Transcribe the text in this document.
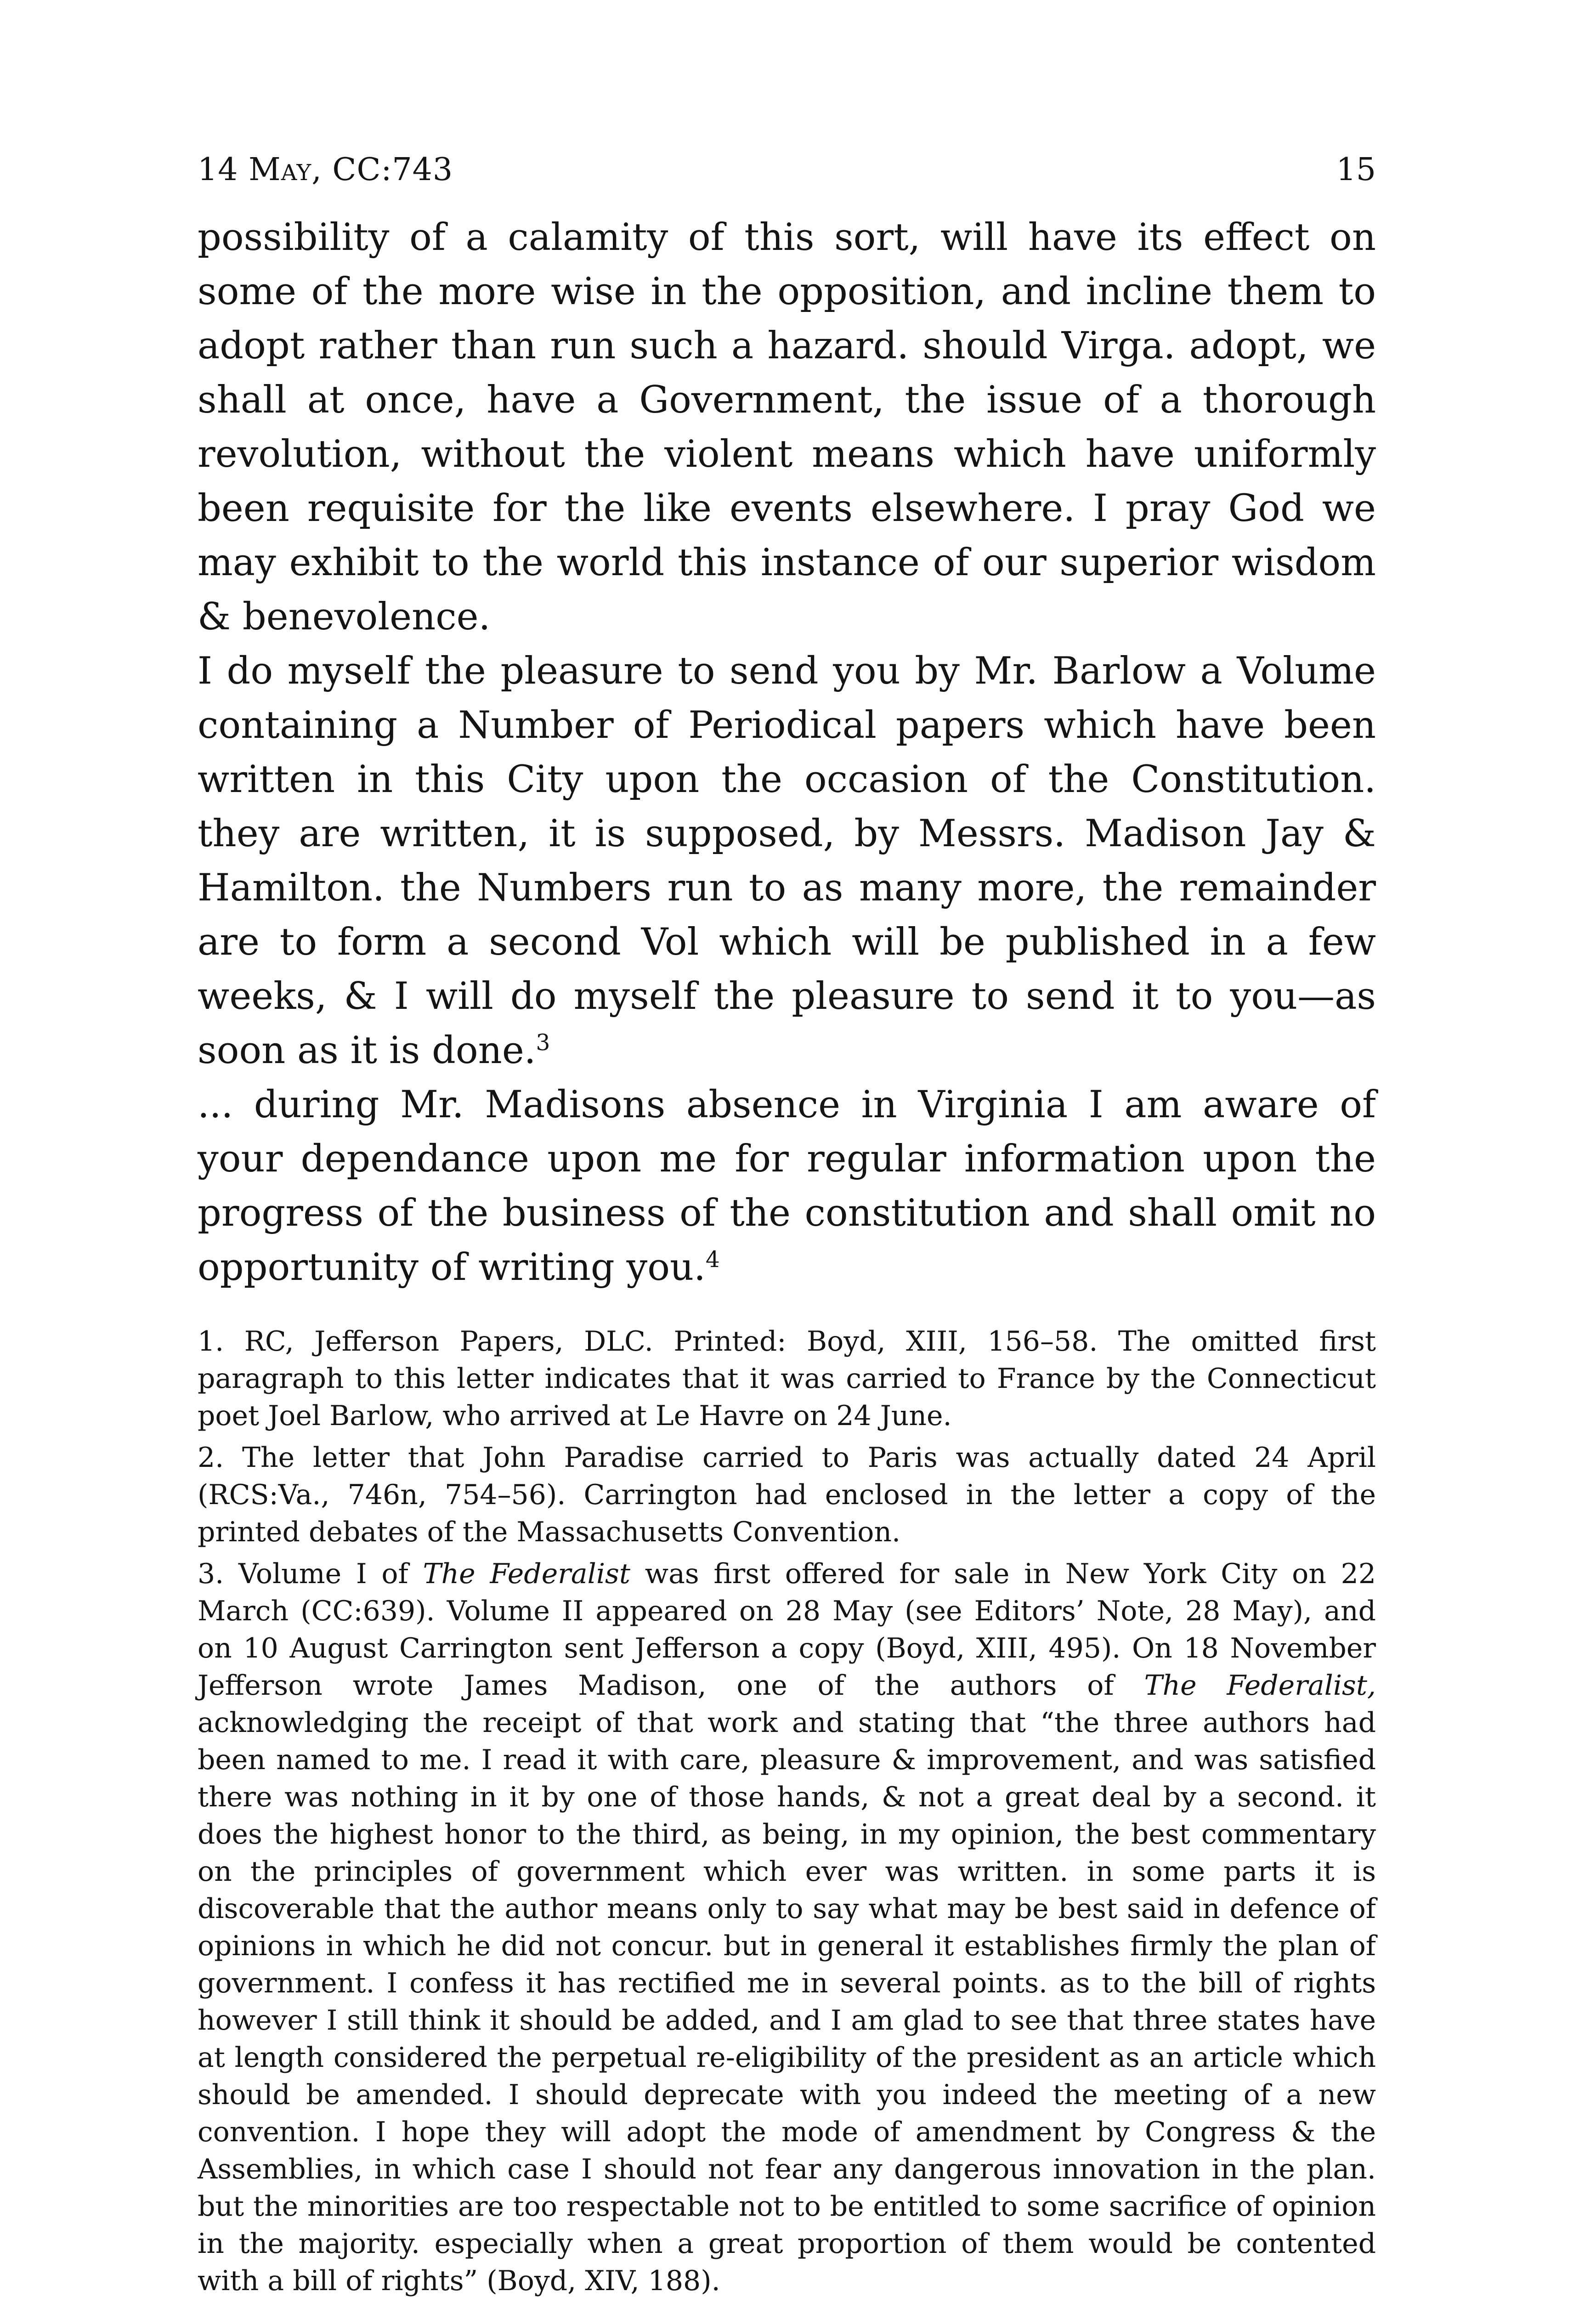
14 May, CC:743	15

possibility of a calamity of this sort, will have its effect on some of the more wise in the opposition, and incline them to adopt rather than run such a hazard. should Virga. adopt, we shall at once, have a Government, the issue of a thorough revolution, without the violent means which have uniformly been requisite for the like events elsewhere. I pray God we may exhibit to the world this instance of our superior wisdom & benevolence.

I do myself the pleasure to send you by Mr. Barlow a Volume containing a Number of Periodical papers which have been written in this City upon the occasion of the Constitution. they are written, it is supposed, by Messrs. Madison Jay & Hamilton. the Numbers run to as many more, the remainder are to form a second Vol which will be published in a few weeks, & I will do myself the pleasure to send it to you—as soon as it is done.$^3$

... during Mr. Madisons absence in Virginia I am aware of your dependance upon me for regular information upon the progress of the business of the constitution and shall omit no opportunity of writing you.$^4$

1. RC, Jefferson Papers, DLC. Printed: Boyd, XIII, 156–58. The omitted first paragraph to this letter indicates that it was carried to France by the Connecticut poet Joel Barlow, who arrived at Le Havre on 24 June.

2. The letter that John Paradise carried to Paris was actually dated 24 April (RCS:Va., 746n, 754–56). Carrington had enclosed in the letter a copy of the printed debates of the Massachusetts Convention.

3. Volume I of The Federalist was first offered for sale in New York City on 22 March (CC:639). Volume II appeared on 28 May (see Editors’ Note, 28 May), and on 10 August Carrington sent Jefferson a copy (Boyd, XIII, 495). On 18 November Jefferson wrote James Madison, one of the authors of The Federalist, acknowledging the receipt of that work and stating that “the three authors had been named to me. I read it with care, pleasure & improvement, and was satisfied there was nothing in it by one of those hands, & not a great deal by a second. it does the highest honor to the third, as being, in my opinion, the best commentary on the principles of government which ever was written. in some parts it is discoverable that the author means only to say what may be best said in defence of opinions in which he did not concur. but in general it establishes firmly the plan of government. I confess it has rectified me in several points. as to the bill of rights however I still think it should be added, and I am glad to see that three states have at length considered the perpetual re-eligibility of the president as an article which should be amended. I should deprecate with you indeed the meeting of a new convention. I hope they will adopt the mode of amendment by Congress & the Assemblies, in which case I should not fear any dangerous innovation in the plan. but the minorities are too respectable not to be entitled to some sacrifice of opinion in the majority. especially when a great proportion of them would be contented with a bill of rights” (Boyd, XIV, 188).
